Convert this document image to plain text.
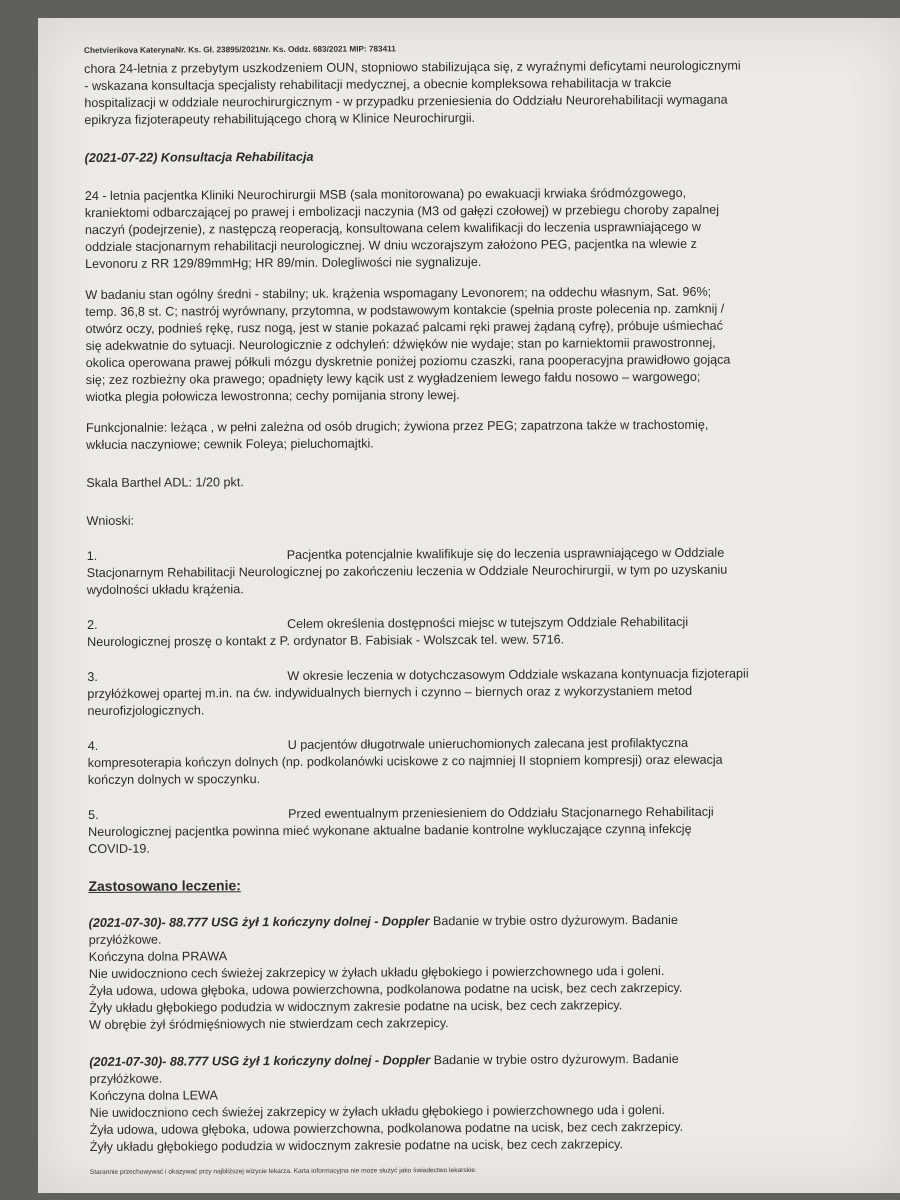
Chetvierikova KaterynaNr. Ks. Gł. 23895/2021Nr. Ks. Oddz. 683/2021 MIP: 783411

chora 24-letnia z przebytym uszkodzeniem OUN, stopniowo stabilizująca się, z wyraźnymi deficytami neurologicznymi

- wskazana konsultacja specjalisty rehabilitacji medycznej, a obecnie kompleksowa rehabilitacja w trakcie

hospitalizacji w oddziale neurochirurgicznym - w przypadku przeniesienia do Oddziału Neurorehabilitacji wymagana

epikryza fizjoterapeuty rehabilitującego chorą w Klinice Neurochirurgii.

(2021-07-22) Konsultacja Rehabilitacja

24 - letnia pacjentka Kliniki Neurochirurgii MSB (sala monitorowana) po ewakuacji krwiaka śródmózgowego,

kraniektomi odbarczającej po prawej i embolizacji naczynia (M3 od gałęzi czołowej) w przebiegu choroby zapalnej

naczyń (podejrzenie), z następczą reoperacją, konsultowana celem kwalifikacji do leczenia usprawniającego w

oddziale stacjonarnym rehabilitacji neurologicznej. W dniu wczorajszym założono PEG, pacjentka na wlewie z

Levonoru z RR 129/89mmHg; HR 89/min. Dolegliwości nie sygnalizuje.

W badaniu stan ogólny średni - stabilny; uk. krążenia wspomagany Levonorem; na oddechu własnym, Sat. 96%;

temp. 36,8 st. C; nastrój wyrównany, przytomna, w podstawowym kontakcie (spełnia proste polecenia np. zamknij /

otwórz oczy, podnieś rękę, rusz nogą, jest w stanie pokazać palcami ręki prawej żądaną cyfrę), próbuje uśmiechać

się adekwatnie do sytuacji. Neurologicznie z odchyleń: dźwięków nie wydaje; stan po karniektomii prawostronnej,

okolica operowana prawej półkuli mózgu dyskretnie poniżej poziomu czaszki, rana pooperacyjna prawidłowo gojąca

się; zez rozbieżny oka prawego; opadnięty lewy kącik ust z wygładzeniem lewego fałdu nosowo – wargowego;

wiotka plegia połowicza lewostronna; cechy pomijania strony lewej.

Funkcjonalnie: leżąca , w pełni zależna od osób drugich; żywiona przez PEG; zapatrzona także w trachostomię,

wkłucia naczyniowe; cewnik Foleya; pieluchomajtki.

Skala Barthel ADL: 1/20 pkt.

Wnioski:

1.	Pacjentka potencjalnie kwalifikuje się do leczenia usprawniającego w Oddziale

Stacjonarnym Rehabilitacji Neurologicznej po zakończeniu leczenia w Oddziale Neurochirurgii, w tym po uzyskaniu

wydolności układu krążenia.

2.	Celem określenia dostępności miejsc w tutejszym Oddziale Rehabilitacji

Neurologicznej proszę o kontakt z P. ordynator B. Fabisiak - Wolszcak tel. wew. 5716.

3.	W okresie leczenia w dotychczasowym Oddziale wskazana kontynuacja fizjoterapii

przyłóżkowej opartej m.in. na ćw. indywidualnych biernych i czynno – biernych oraz z wykorzystaniem metod

neurofizjologicznych.

4.	U pacjentów długotrwale unieruchomionych zalecana jest profilaktyczna

kompresoterapia kończyn dolnych (np. podkolanówki uciskowe z co najmniej II stopniem kompresji) oraz elewacja

kończyn dolnych w spoczynku.

5.	Przed ewentualnym przeniesieniem do Oddziału Stacjonarnego Rehabilitacji

Neurologicznej pacjentka powinna mieć wykonane aktualne badanie kontrolne wykluczające czynną infekcję

COVID-19.

Zastosowano leczenie:

(2021-07-30)- 88.777 USG żył 1 kończyny dolnej - Doppler Badanie w trybie ostro dyżurowym. Badanie

przyłóżkowe.

Kończyna dolna PRAWA

Nie uwidoczniono cech świeżej zakrzepicy w żyłach układu głębokiego i powierzchownego uda i goleni.

Żyła udowa, udowa głęboka, udowa powierzchowna, podkolanowa podatne na ucisk, bez cech zakrzepicy.

Żyły układu głębokiego podudzia w widocznym zakresie podatne na ucisk, bez cech zakrzepicy.

W obrębie żył śródmięśniowych nie stwierdzam cech zakrzepicy.

(2021-07-30)- 88.777 USG żył 1 kończyny dolnej - Doppler Badanie w trybie ostro dyżurowym. Badanie

przyłóżkowe.

Kończyna dolna LEWA

Nie uwidoczniono cech świeżej zakrzepicy w żyłach układu głębokiego i powierzchownego uda i goleni.

Żyła udowa, udowa głęboka, udowa powierzchowna, podkolanowa podatne na ucisk, bez cech zakrzepicy.

Żyły układu głębokiego podudzia w widocznym zakresie podatne na ucisk, bez cech zakrzepicy.

Starannie przechowywać i okazywać przy najbliższej wizycie lekarza. Karta informacyjna nie może służyć jako świadectwo lekarskie.
